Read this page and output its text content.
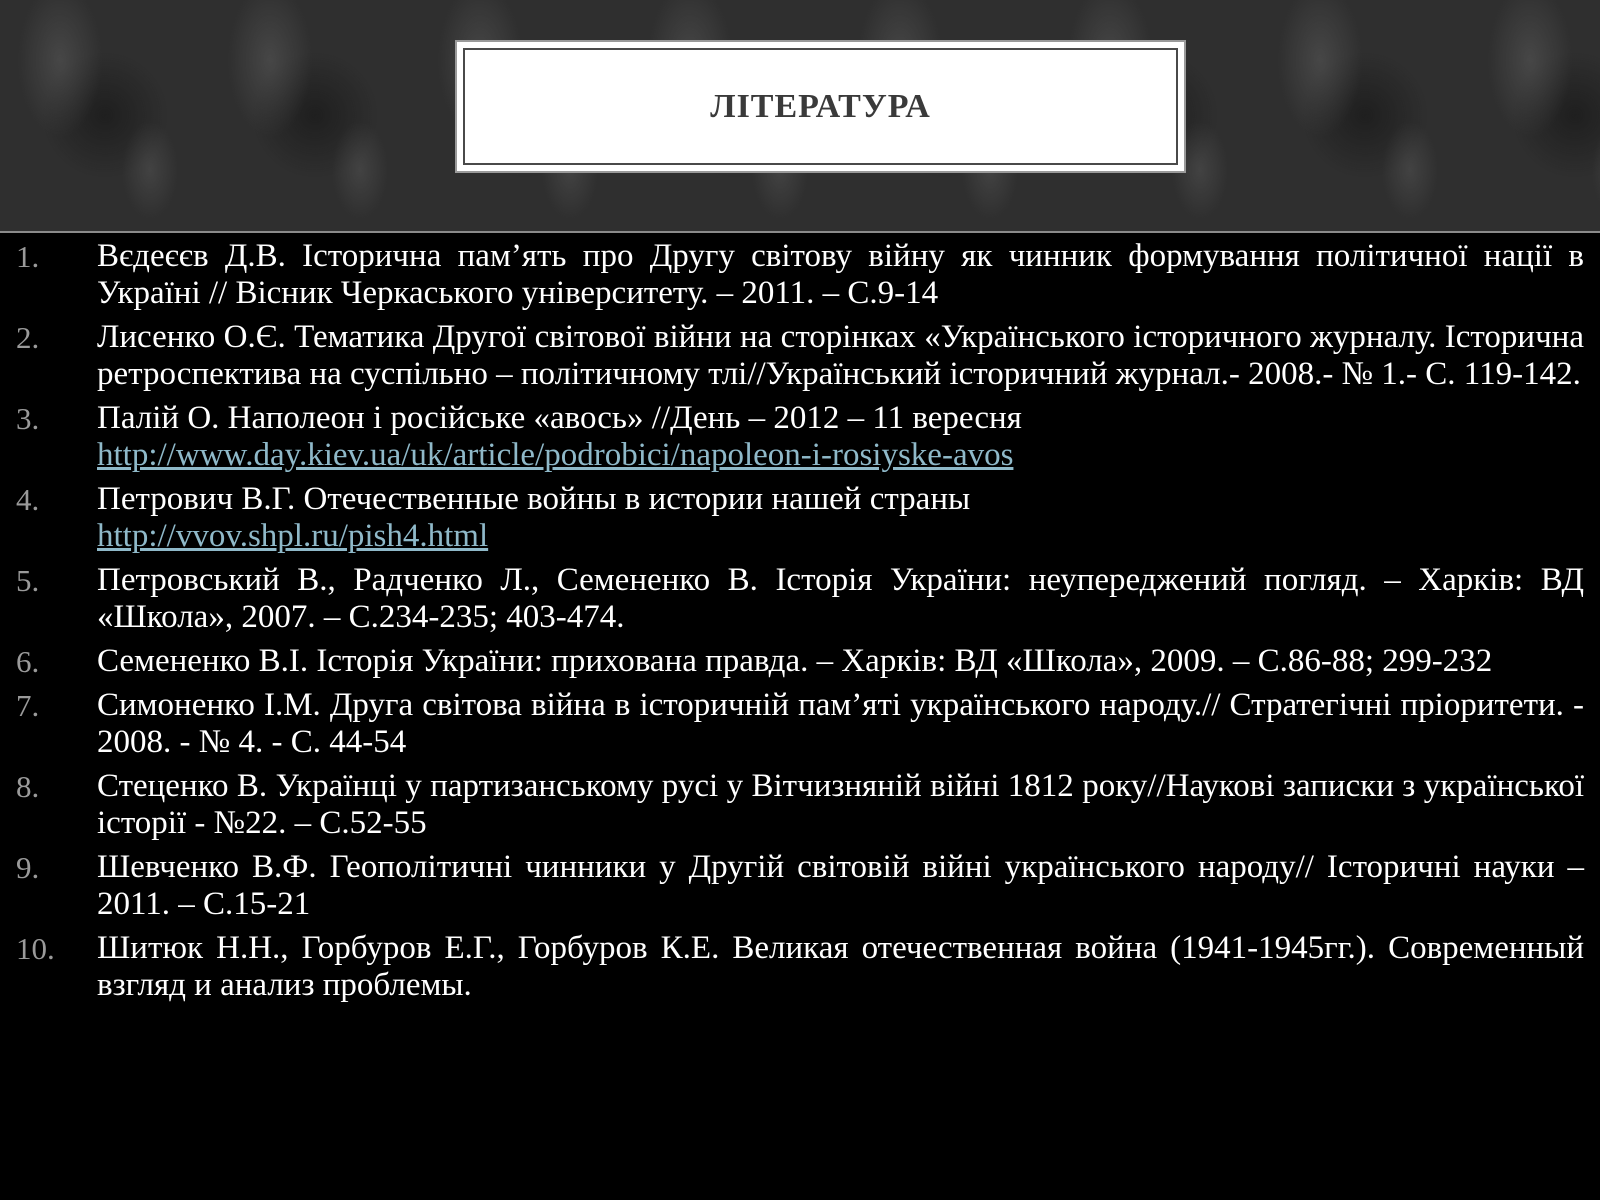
ЛІТЕРАТУРА
1. Вєдеєєв Д.В. Історична пам’ять про Другу світову війну як чинник формування політичної нації в Україні // Вісник Черкаського університету. – 2011. – С.9-14
2. Лисенко О.Є. Тематика Другої світової війни на сторінках «Українського історичного журналу. Історична ретроспектива на суспільно – політичному тлі//Український історичний журнал.- 2008.- № 1.- С. 119-142.
3. Палій О. Наполеон і російське «авось» //День – 2012 – 11 вересня
http://www.day.kiev.ua/uk/article/podrobici/napoleon-i-rosiyske-avos
4. Петрович В.Г. Отечественные войны в истории нашей страны
http://vvov.shpl.ru/pish4.html
5. Петровський В., Радченко Л., Семененко В. Історія України: неупереджений погляд. – Харків: ВД «Школа», 2007. – С.234-235; 403-474.
6. Семененко В.І. Історія України: прихована правда. – Харків: ВД «Школа», 2009. – С.86-88; 299-232
7. Симоненко І.М. Друга світова війна в історичній пам’яті українського народу.// Стратегічні пріоритети. - 2008. - № 4. - С. 44-54
8. Стеценко В. Українці у партизанському русі у Вітчизняній війні 1812 року//Наукові записки з української історії - №22. – С.52-55
9. Шевченко В.Ф. Геополітичні чинники у Другій світовій війні українського народу// Історичні науки – 2011. – С.15-21
10. Шитюк Н.Н., Горбуров Е.Г., Горбуров К.Е. Великая отечественная война (1941-1945гг.). Современный взгляд и анализ проблемы.
